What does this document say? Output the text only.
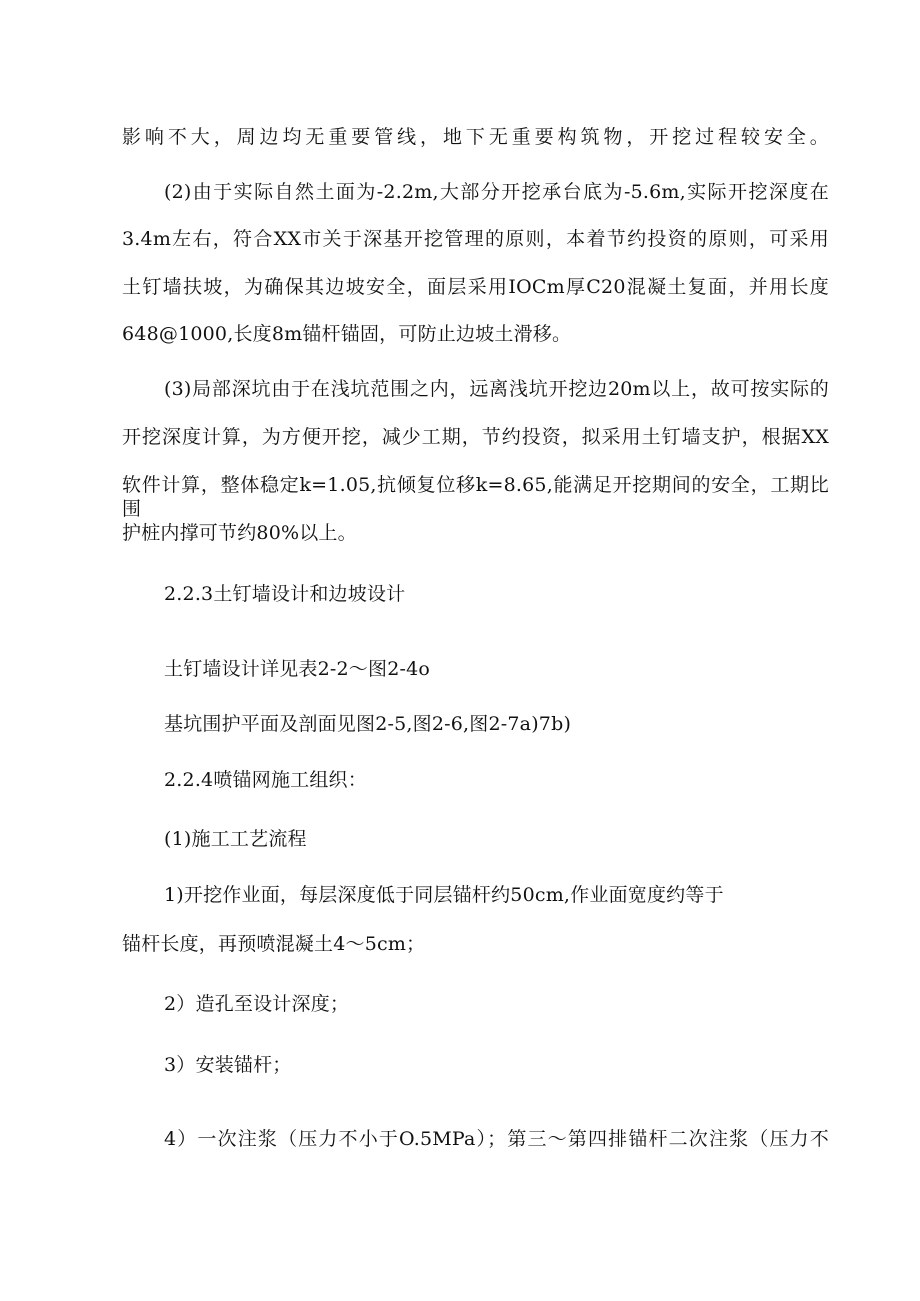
影响不大，周边均无重要管线，地下无重要构筑物，开挖过程较安全。
(2)由于实际自然土面为-2.2m,大部分开挖承台底为-5.6m,实际开挖深度在
3.4m左右，符合XX市关于深基开挖管理的原则，本着节约投资的原则，可采用
土钉墙扶坡，为确保其边坡安全，面层采用IOCm厚C20混凝土复面，并用长度
648@1000,长度8m锚杆锚固，可防止边坡土滑移。
(3)局部深坑由于在浅坑范围之内，远离浅坑开挖边20m以上，故可按实际的
开挖深度计算，为方便开挖，减少工期，节约投资，拟采用土钉墙支护，根据XX
软件计算，整体稳定k=1.05,抗倾复位移k=8.65,能满足开挖期间的安全，工期比围
护桩内撑可节约80%以上。
2.2.3土钉墙设计和边坡设计
土钉墙设计详见表2-2～图2-4o
基坑围护平面及剖面见图2-5,图2-6,图2-7a)7b)
2.2.4喷锚网施工组织：
(1)施工工艺流程
1)开挖作业面，每层深度低于同层锚杆约50cm,作业面宽度约等于
锚杆长度，再预喷混凝土4～5cm；
2）造孔至设计深度；
3）安装锚杆；
4）一次注浆（压力不小于O.5MPa）；第三～第四排锚杆二次注浆（压力不
